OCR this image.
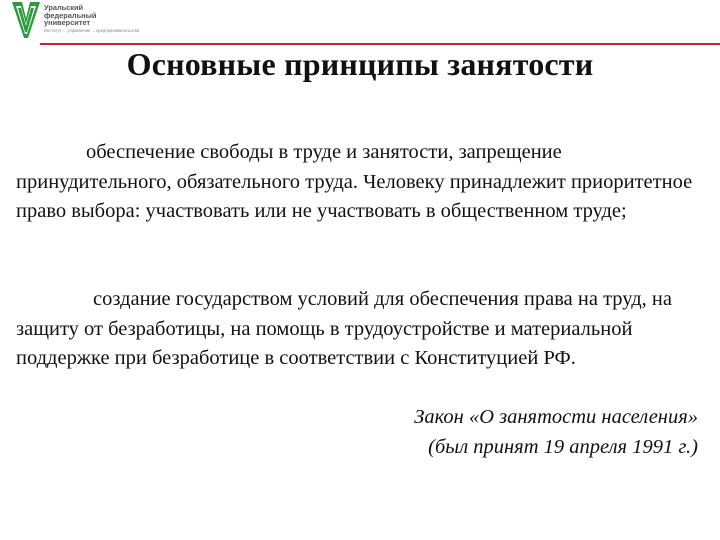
Уральский
федеральный
университет
Институт ... управления ... предпринимательства
Основные принципы занятости

обеспечение свободы в труде и занятости, запрещение принудительного, обязательного труда. Человеку принадлежит приоритетное право выбора: участвовать или не участвовать в общественном труде;

создание государством условий для обеспечения права на труд, на защиту от безработицы, на помощь в трудоустройстве и материальной поддержке при безработице в соответствии с Конституцией РФ.

Закон «О занятости населения»
(был принят 19 апреля 1991 г.)
